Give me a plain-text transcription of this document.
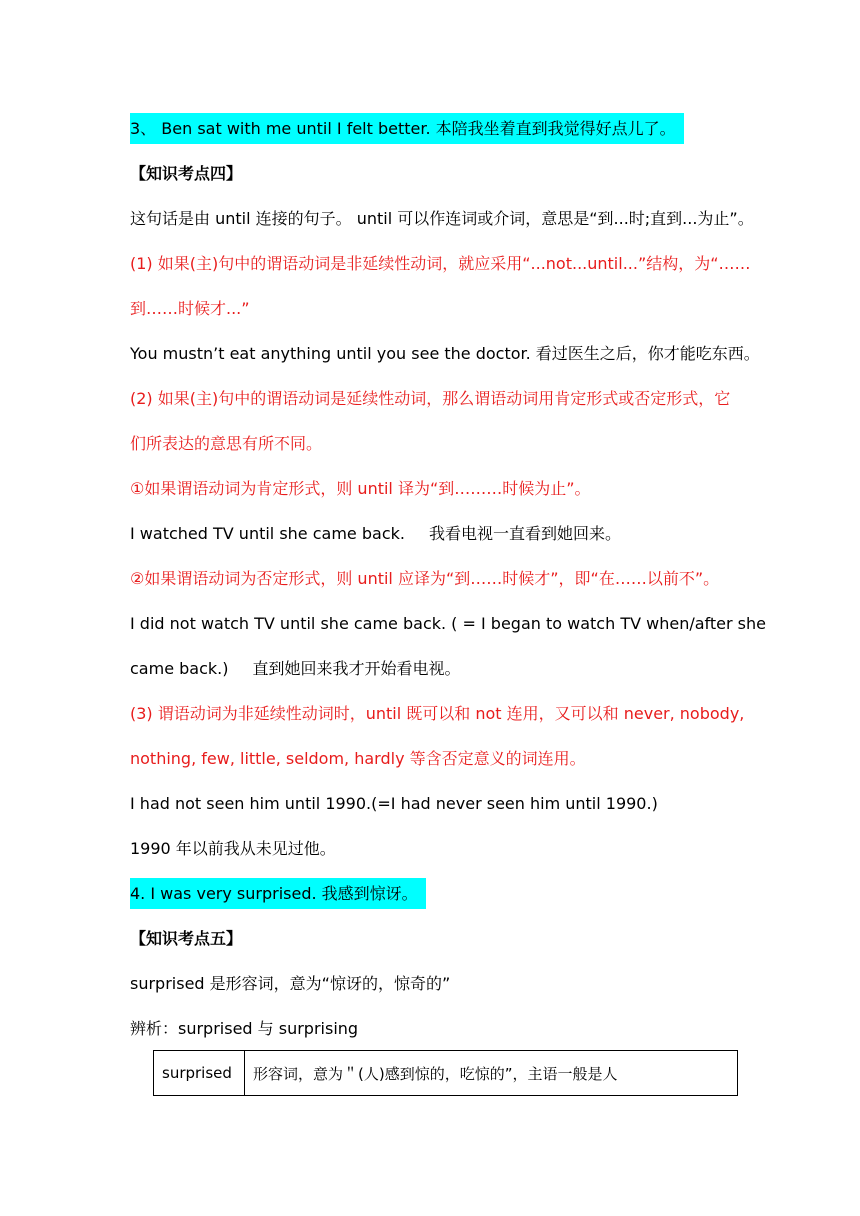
3、 Ben sat with me until I felt better. 本陪我坐着直到我觉得好点儿了。
【知识考点四】
这句话是由 until 连接的句子。 until 可以作连词或介词，意思是“到...时;直到...为止”。
(1) 如果(主)句中的谓语动词是非延续性动词，就应采用“...not...until...”结构，为“……
到……时候才...”
You mustn’t eat anything until you see the doctor. 看过医生之后，你才能吃东西。
(2) 如果(主)句中的谓语动词是延续性动词，那么谓语动词用肯定形式或否定形式，它
们所表达的意思有所不同。
①如果谓语动词为肯定形式，则 until 译为“到………时候为止”。
I watched TV until she came back. 我看电视一直看到她回来。
②如果谓语动词为否定形式，则 until 应译为“到……时候才”，即“在……以前不”。
I did not watch TV until she came back. ( = I began to watch TV when/after she
came back.) 直到她回来我才开始看电视。
(3) 谓语动词为非延续性动词时，until 既可以和 not 连用，又可以和 never, nobody,
nothing, few, little, seldom, hardly 等含否定意义的词连用。
I had not seen him until 1990.(=I had never seen him until 1990.)
1990 年以前我从未见过他。
4. I was very surprised. 我感到惊讶。
【知识考点五】
surprised 是形容词，意为“惊讶的，惊奇的”
辨析：surprised 与 surprising
surprised	形容词，意为＂(人)感到惊的，吃惊的”，主语一般是人
